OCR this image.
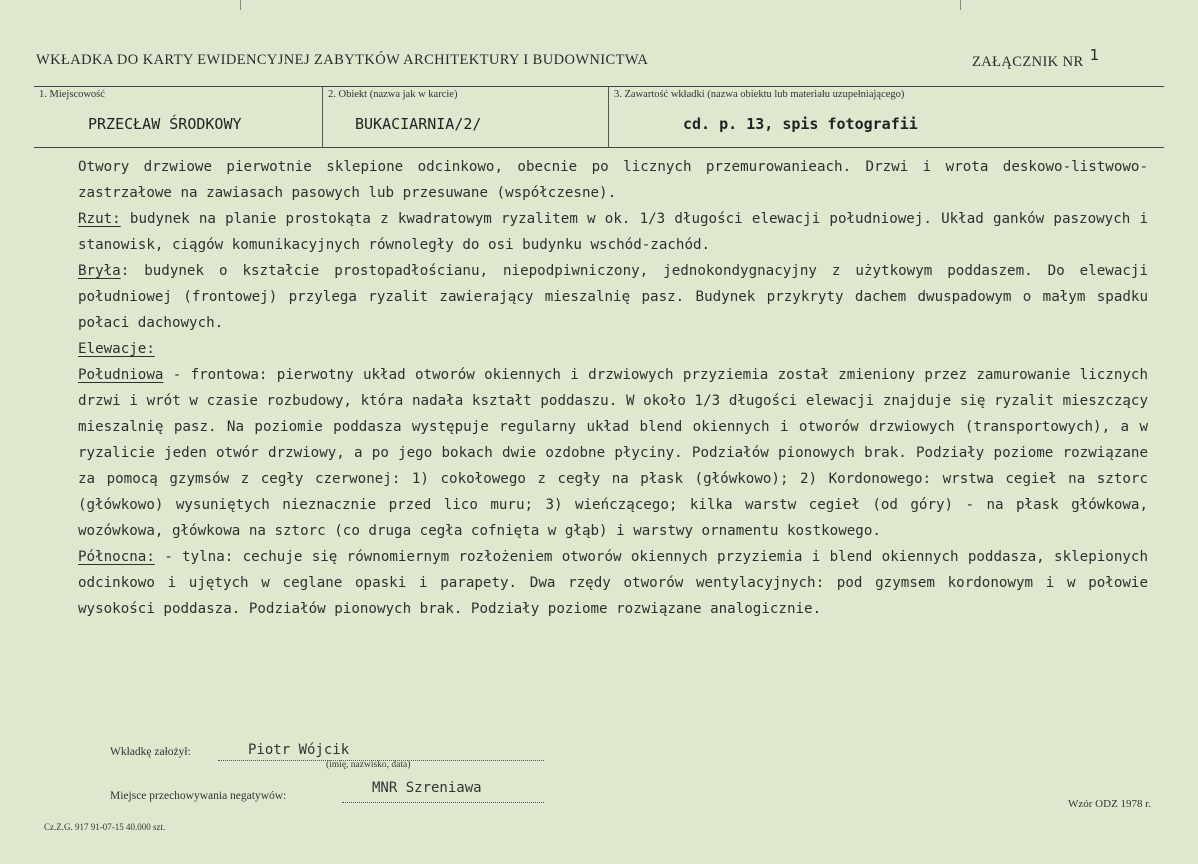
WKŁADKA DO KARTY EWIDENCYJNEJ ZABYTKÓW ARCHITEKTURY I BUDOWNICTWA	ZAŁĄCZNIK NR 1
1. Miejscowość
PRZECŁAW ŚRODKOWY
2. Obiekt (nazwa jak w karcie)
BUKACIARNIA/2/
3. Zawartość wkładki (nazwa obiektu lub materiału uzupełniającego)
cd. p. 13, spis fotografii

Otwory drzwiowe pierwotnie sklepione odcinkowo, obecnie po licznych przemurowanieach. Drzwi i wrota deskowo-listwowo- zastrzałowe na zawiasach pasowych lub przesuwane (współczesne).

Rzut: budynek na planie prostokąta z kwadratowym ryzalitem w ok. 1/3 długości elewacji południowej. Układ ganków paszowych i stanowisk, ciągów komunikacyjnych równoległy do osi budynku wschód-zachód.

Bryła: budynek o kształcie prostopadłościanu, niepodpiwniczony, jednokondygnacyjny z użytkowym poddaszem. Do elewacji południowej (frontowej) przylega ryzalit zawierający mieszalnię pasz. Budynek przykryty dachem dwuspadowym o małym spadku połaci dachowych.

Elewacje:

Południowa - frontowa: pierwotny układ otworów okiennych i drzwiowych przyziemia został zmieniony przez zamurowanie licznych drzwi i wrót w czasie rozbudowy, która nadała kształt poddaszu. W około 1/3 długości elewacji znajduje się ryzalit mieszczący mieszalnię pasz. Na poziomie poddasza występuje regularny układ blend okiennych i otworów drzwiowych (transportowych), a w ryzalicie jeden otwór drzwiowy, a po jego bokach dwie ozdobne płyciny. Podziałów pionowych brak. Podziały poziome rozwiązane za pomocą gzymsów z cegły czerwonej: 1) cokołowego z cegły na płask (główkowo); 2) Kordonowego: wrstwa cegieł na sztorc (główkowo) wysuniętych nieznacznie przed lico muru; 3) wieńczącego; kilka warstw cegieł (od góry) - na płask główkowa, wozówkowa, główkowa na sztorc (co druga cegła cofnięta w głąb) i warstwy ornamentu kostkowego.

Północna: - tylna: cechuje się równomiernym rozłożeniem otworów okiennych przyziemia i blend okiennych poddasza, sklepionych odcinkowo i ujętych w ceglane opaski i parapety. Dwa rzędy otworów wentylacyjnych: pod gzymsem kordonowym i w połowie wysokości poddasza. Podziałów pionowych brak. Podziały poziome rozwiązane analogicznie.

Wkładkę założył:	Piotr Wójcik
(imię, nazwisko, data)
Miejsce przechowywania negatywów:	MNR Szreniawa
Wzór ODZ 1978 r.
Cz.Z.G. 917 91-07-15 40.000 szt.
